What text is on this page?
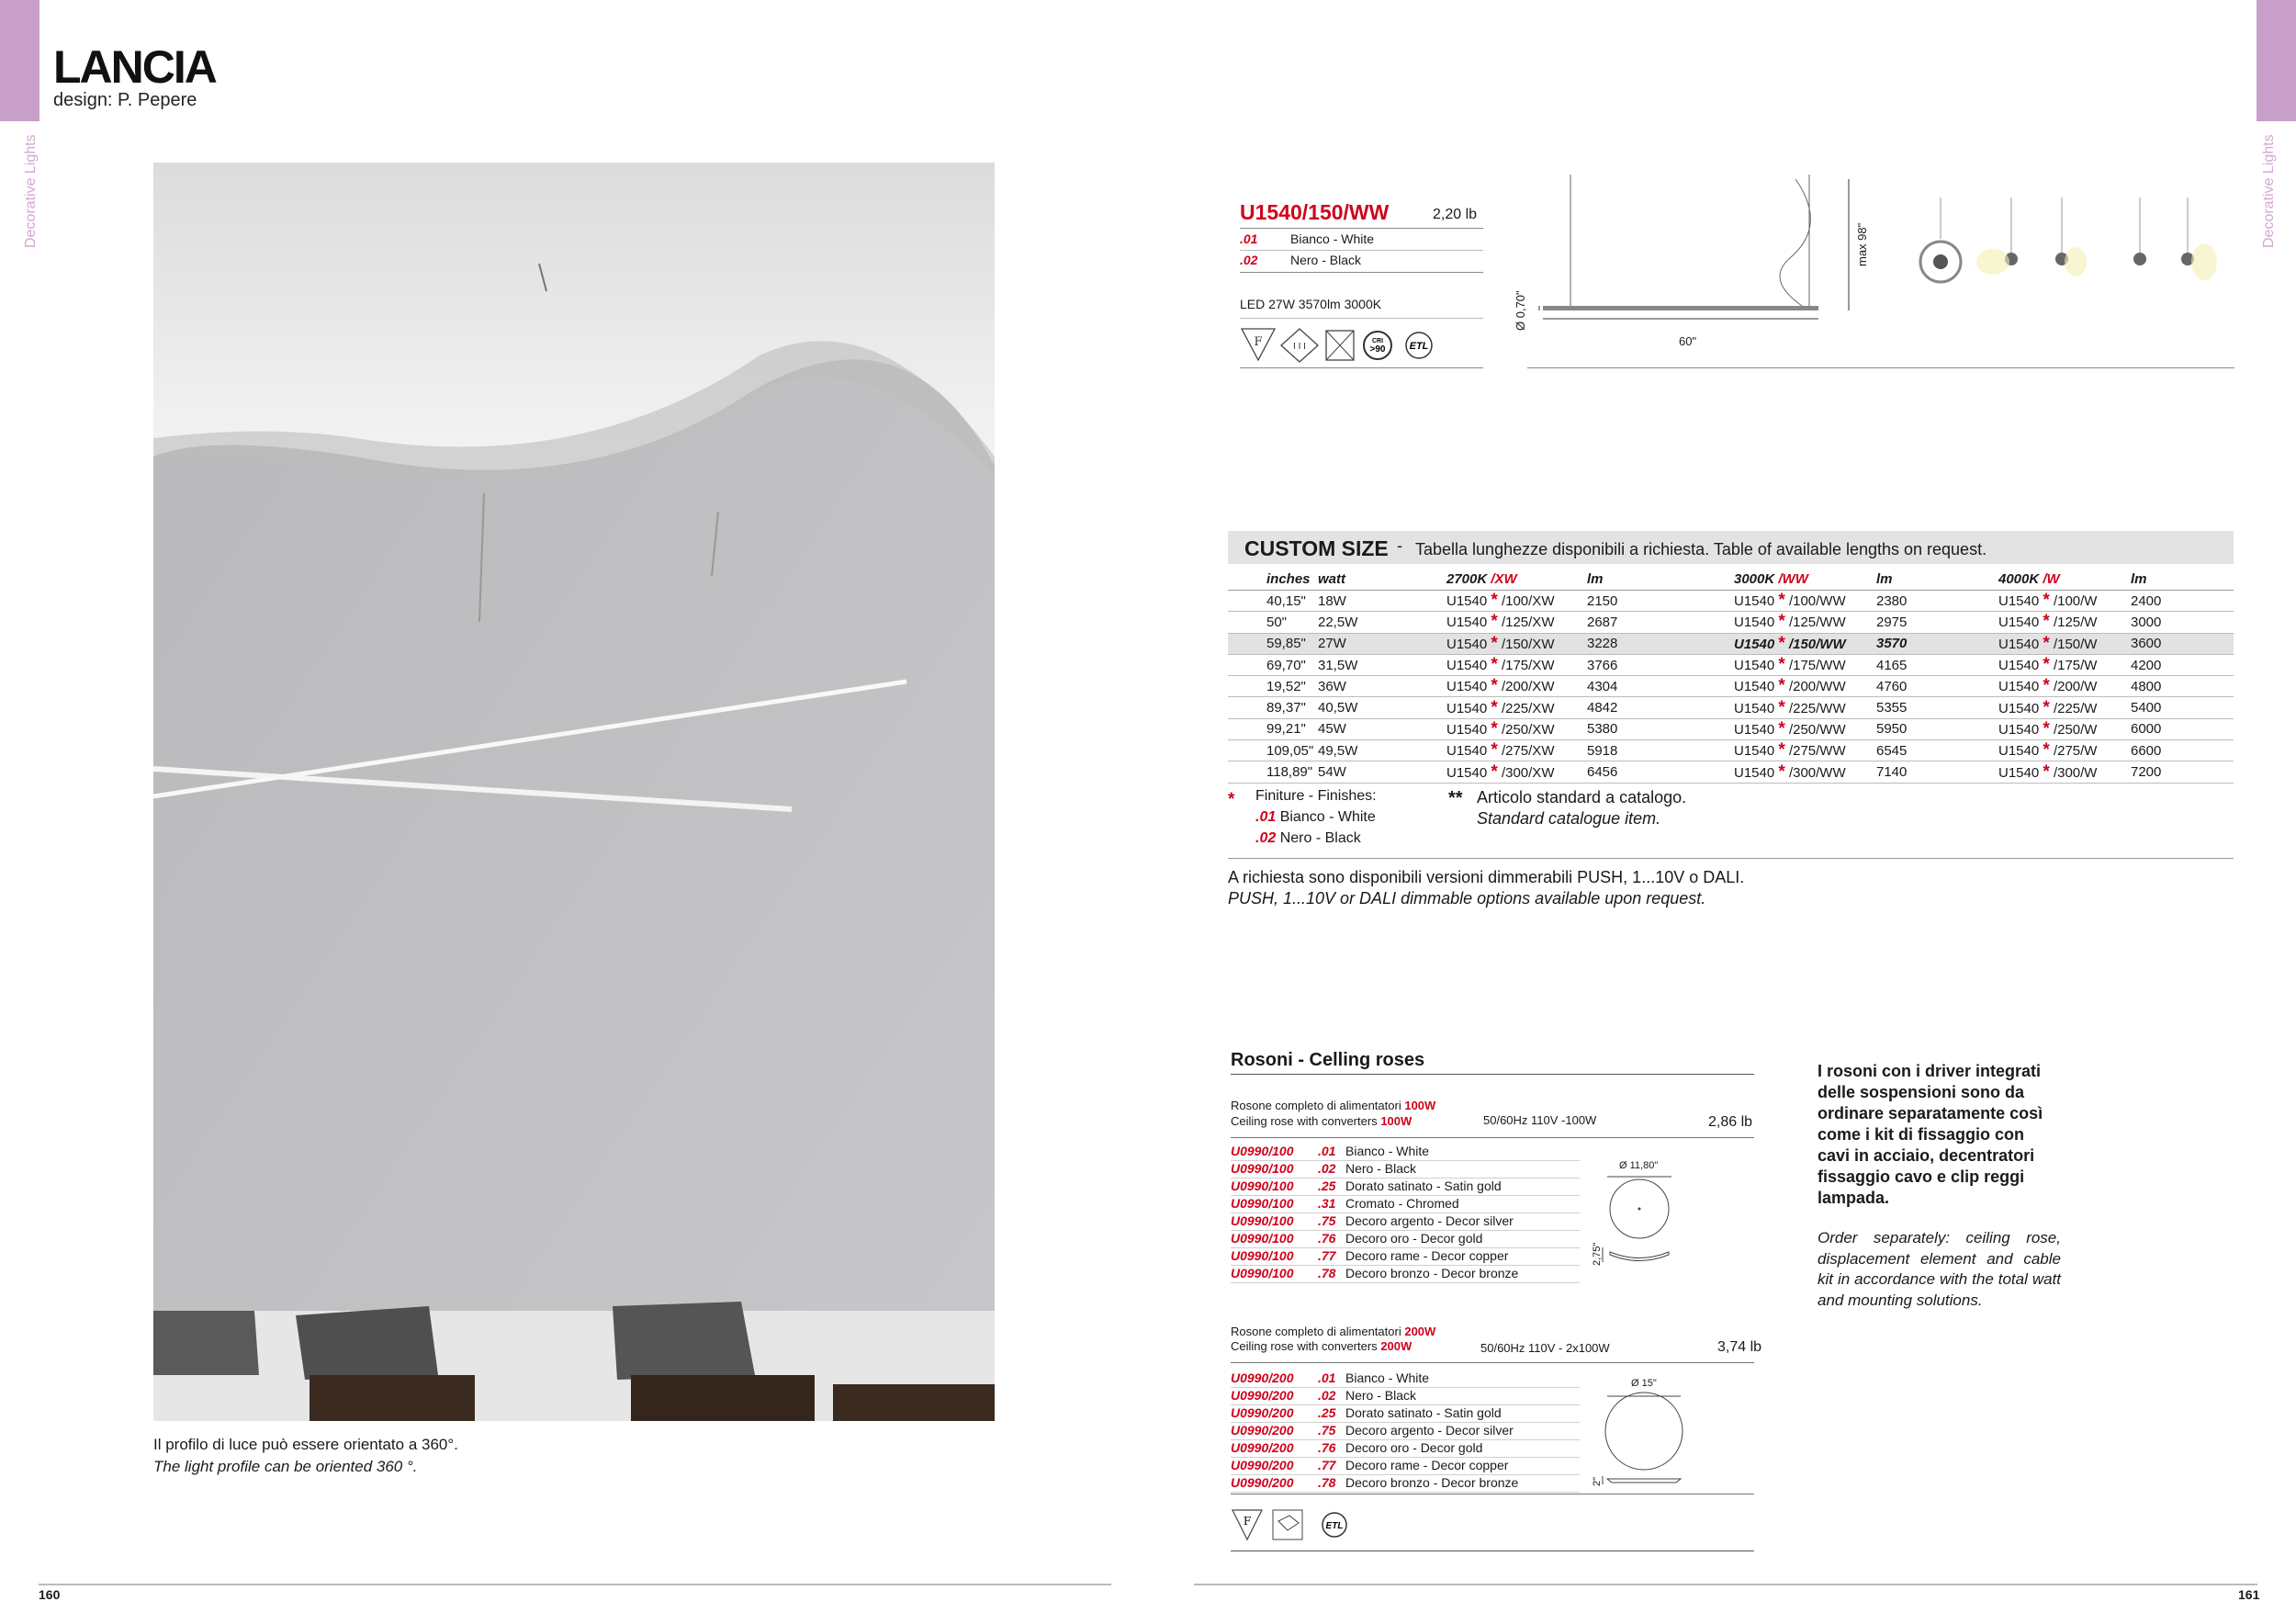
Decorative Lights	Decorative Lights
LANCIA
design: P. Pepere
Il profilo di luce può essere orientato a 360°.
The light profile can be oriented 360 °.
160
U1540/150/WW	2,20 lb
.01	Bianco - White
.02	Nero - Black
LED 27W 3570lm 3000K
F	I I I
CRI
>90 ETL	60"
Ø 0,70"
max 98"
CUSTOM SIZE - Tabella lunghezze disponibili a richiesta. Table of available lengths on request.
inches	watt	2700K /XW	lm	3000K /WW	lm	4000K /W	lm
40,15"	18W	U1540 * /100/XW	2150	U1540 * /100/WW	2380	U1540 * /100/W	2400
50"	22,5W	U1540 * /125/XW	2687	U1540 * /125/WW	2975	U1540 * /125/W	3000
59,85"	27W	U1540 * /150/XW	3228	U1540 * /150/WW	3570	U1540 * /150/W	3600
69,70"	31,5W	U1540 * /175/XW	3766	U1540 * /175/WW	4165	U1540 * /175/W	4200
19,52"	36W	U1540 * /200/XW	4304	U1540 * /200/WW	4760	U1540 * /200/W	4800
89,37"	40,5W	U1540 * /225/XW	4842	U1540 * /225/WW	5355	U1540 * /225/W	5400
99,21"	45W	U1540 * /250/XW	5380	U1540 * /250/WW	5950	U1540 * /250/W	6000
109,05"	49,5W	U1540 * /275/XW	5918	U1540 * /275/WW	6545	U1540 * /275/W	6600
118,89"	54W	U1540 * /300/XW	6456	U1540 * /300/WW	7140	U1540 * /300/W	7200
* Finiture - Finishes:
.01 Bianco - White
.02 Nero - Black
** Articolo standard a catalogo.
Standard catalogue item.
A richiesta sono disponibili versioni dimmerabili PUSH, 1...10V o DALI.
PUSH, 1...10V or DALI dimmable options available upon request.
Rosoni - Celling roses
Rosone completo di alimentatori 100W
Ceiling rose with converters 100W	50/60Hz 110V -100W	2,86 lb
U0990/100 .01 Bianco - White
U0990/100 .02 Nero - Black
U0990/100 .25 Dorato satinato - Satin gold
U0990/100 .31 Cromato - Chromed
U0990/100 .75 Decoro argento - Decor silver
U0990/100 .76 Decoro oro - Decor gold
U0990/100 .77 Decoro rame - Decor copper
U0990/100 .78 Decoro bronzo - Decor bronze
Ø 11,80"
2,75"
Rosone completo di alimentatori 200W
Ceiling rose with converters 200W	50/60Hz 110V - 2x100W	3,74 lb
U0990/200 .01 Bianco - White
U0990/200 .02 Nero - Black
U0990/200 .25 Dorato satinato - Satin gold
U0990/200 .75 Decoro argento - Decor silver
U0990/200 .76 Decoro oro - Decor gold
U0990/200 .77 Decoro rame - Decor copper
U0990/200 .78 Decoro bronzo - Decor bronze
Ø 15"
2"
F	ETL
I rosoni con i driver integrati delle sospensioni sono da ordinare separatamente così come i kit di fissaggio con cavi in acciaio, decentratori fissaggio cavo e clip reggi lampada.
Order separately: ceiling rose, displacement element and cable kit in accordance with the total watt and mounting solutions.
161
